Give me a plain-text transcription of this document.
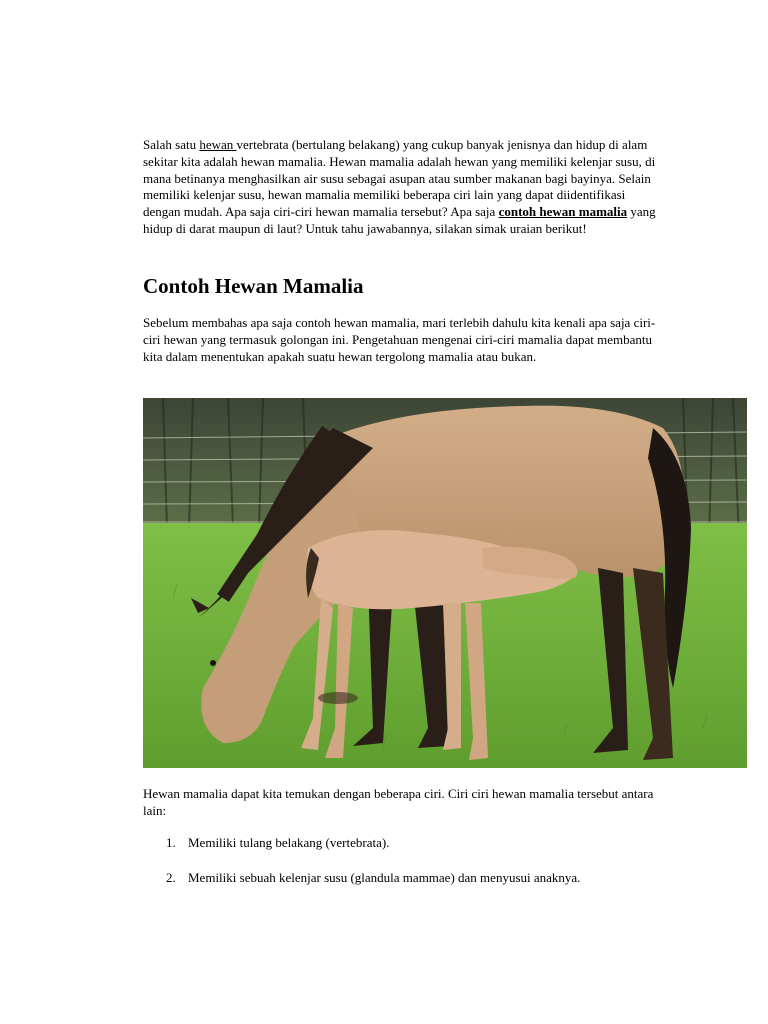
Salah satu hewan vertebrata (bertulang belakang) yang cukup banyak jenisnya dan hidup di alam sekitar kita adalah hewan mamalia. Hewan mamalia adalah hewan yang memiliki kelenjar susu, di mana betinanya menghasilkan air susu sebagai asupan atau sumber makanan bagi bayinya. Selain memiliki kelenjar susu, hewan mamalia memiliki beberapa ciri lain yang dapat diidentifikasi dengan mudah. Apa saja ciri-ciri hewan mamalia tersebut? Apa saja contoh hewan mamalia yang hidup di darat maupun di laut? Untuk tahu jawabannya, silakan simak uraian berikut!

Contoh Hewan Mamalia

Sebelum membahas apa saja contoh hewan mamalia, mari terlebih dahulu kita kenali apa saja ciri-ciri hewan yang termasuk golongan ini. Pengetahuan mengenai ciri-ciri mamalia dapat membantu kita dalam menentukan apakah suatu hewan tergolong mamalia atau bukan.

Hewan mamalia dapat kita temukan dengan beberapa ciri. Ciri ciri hewan mamalia tersebut antara lain:

1. Memiliki tulang belakang (vertebrata).
2. Memiliki sebuah kelenjar susu (glandula mammae) dan menyusui anaknya.
